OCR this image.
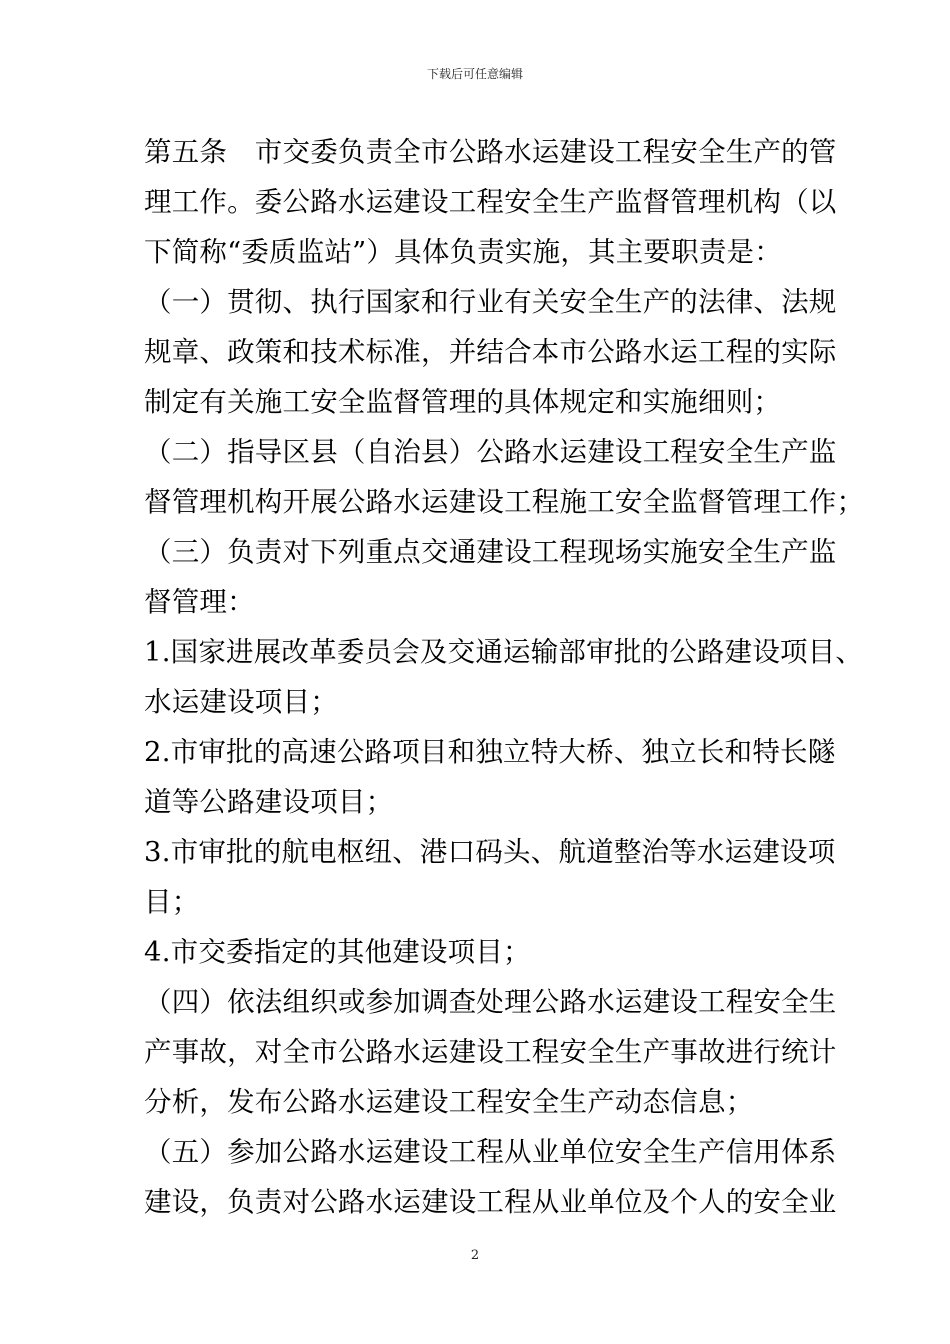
下载后可任意编辑
第五条　市交委负责全市公路水运建设工程安全生产的管
理工作。委公路水运建设工程安全生产监督管理机构（以
下简称“委质监站”）具体负责实施，其主要职责是：
（一）贯彻、执行国家和行业有关安全生产的法律、法规
规章、政策和技术标准，并结合本市公路水运工程的实际
制定有关施工安全监督管理的具体规定和实施细则；
（二）指导区县（自治县）公路水运建设工程安全生产监
督管理机构开展公路水运建设工程施工安全监督管理工作；
（三）负责对下列重点交通建设工程现场实施安全生产监
督管理：
1.国家进展改革委员会及交通运输部审批的公路建设项目、
水运建设项目；
2.市审批的高速公路项目和独立特大桥、独立长和特长隧
道等公路建设项目；
3.市审批的航电枢纽、港口码头、航道整治等水运建设项
目；
4.市交委指定的其他建设项目；
（四）依法组织或参加调查处理公路水运建设工程安全生
产事故，对全市公路水运建设工程安全生产事故进行统计
分析，发布公路水运建设工程安全生产动态信息；
（五）参加公路水运建设工程从业单位安全生产信用体系
建设，负责对公路水运建设工程从业单位及个人的安全业
2
